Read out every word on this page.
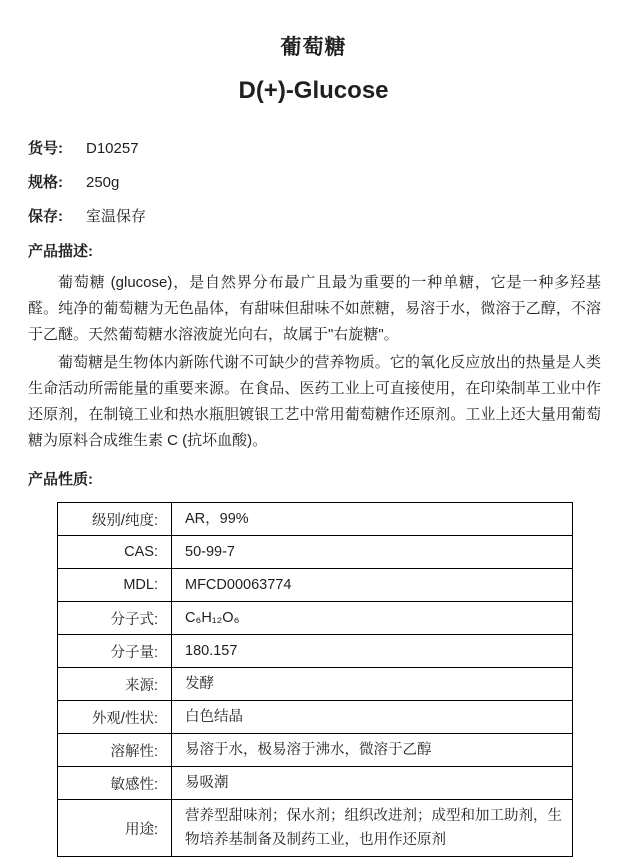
葡萄糖
D(+)-Glucose
货号:	D10257
规格:	250g
保存:	室温保存
产品描述:

葡萄糖 (glucose)，是自然界分布最广且最为重要的一种单糖，它是一种多羟基醛。纯净的葡萄糖为无色晶体，有甜味但甜味不如蔗糖，易溶于水，微溶于乙醇，不溶于乙醚。天然葡萄糖水溶液旋光向右，故属于"右旋糖"。

葡萄糖是生物体内新陈代谢不可缺少的营养物质。它的氧化反应放出的热量是人类生命活动所需能量的重要来源。在食品、医药工业上可直接使用，在印染制革工业中作还原剂，在制镜工业和热水瓶胆镀银工艺中常用葡萄糖作还原剂。工业上还大量用葡萄糖为原料合成维生素 C (抗坏血酸)。

产品性质:
级别/纯度:	AR，99%
CAS:	50-99-7
MDL:	MFCD00063774
分子式:	C₆H₁₂O₆
分子量:	180.157
来源:	发酵
外观/性状:	白色结晶
溶解性:	易溶于水，极易溶于沸水，微溶于乙醇
敏感性:	易吸潮
用途:	营养型甜味剂；保水剂；组织改进剂；成型和加工助剂，生物培养基制备及制药工业，也用作还原剂
